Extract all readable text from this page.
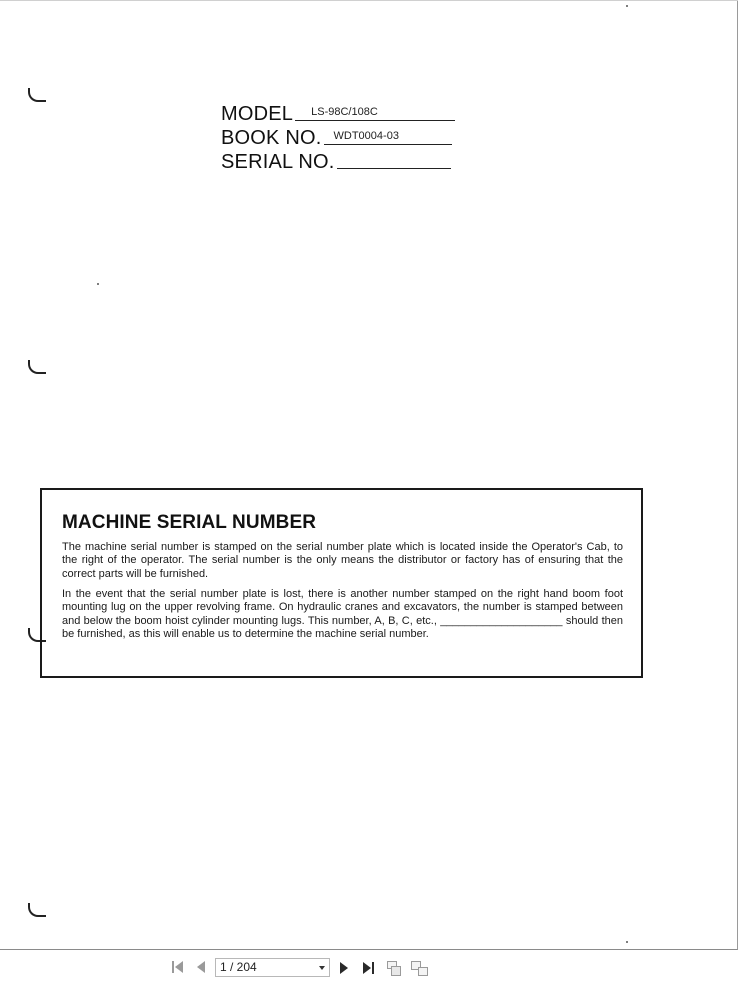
MODEL	LS-98C/108C
BOOK NO.	WDT0004-03
SERIAL NO.
MACHINE SERIAL NUMBER

The machine serial number is stamped on the serial number plate which is located inside the Operator's Cab, to the right of the operator. The serial number is the only means the distributor or factory has of ensuring that the correct parts will be furnished.

In the event that the serial number plate is lost, there is another number stamped on the right hand boom foot mounting lug on the upper revolving frame. On hydraulic cranes and excavators, the number is stamped between and below the boom hoist cylinder mounting lugs. This number, A, B, C, etc., ____________________ should then be furnished, as this will enable us to determine the machine serial number.

1 / 204
